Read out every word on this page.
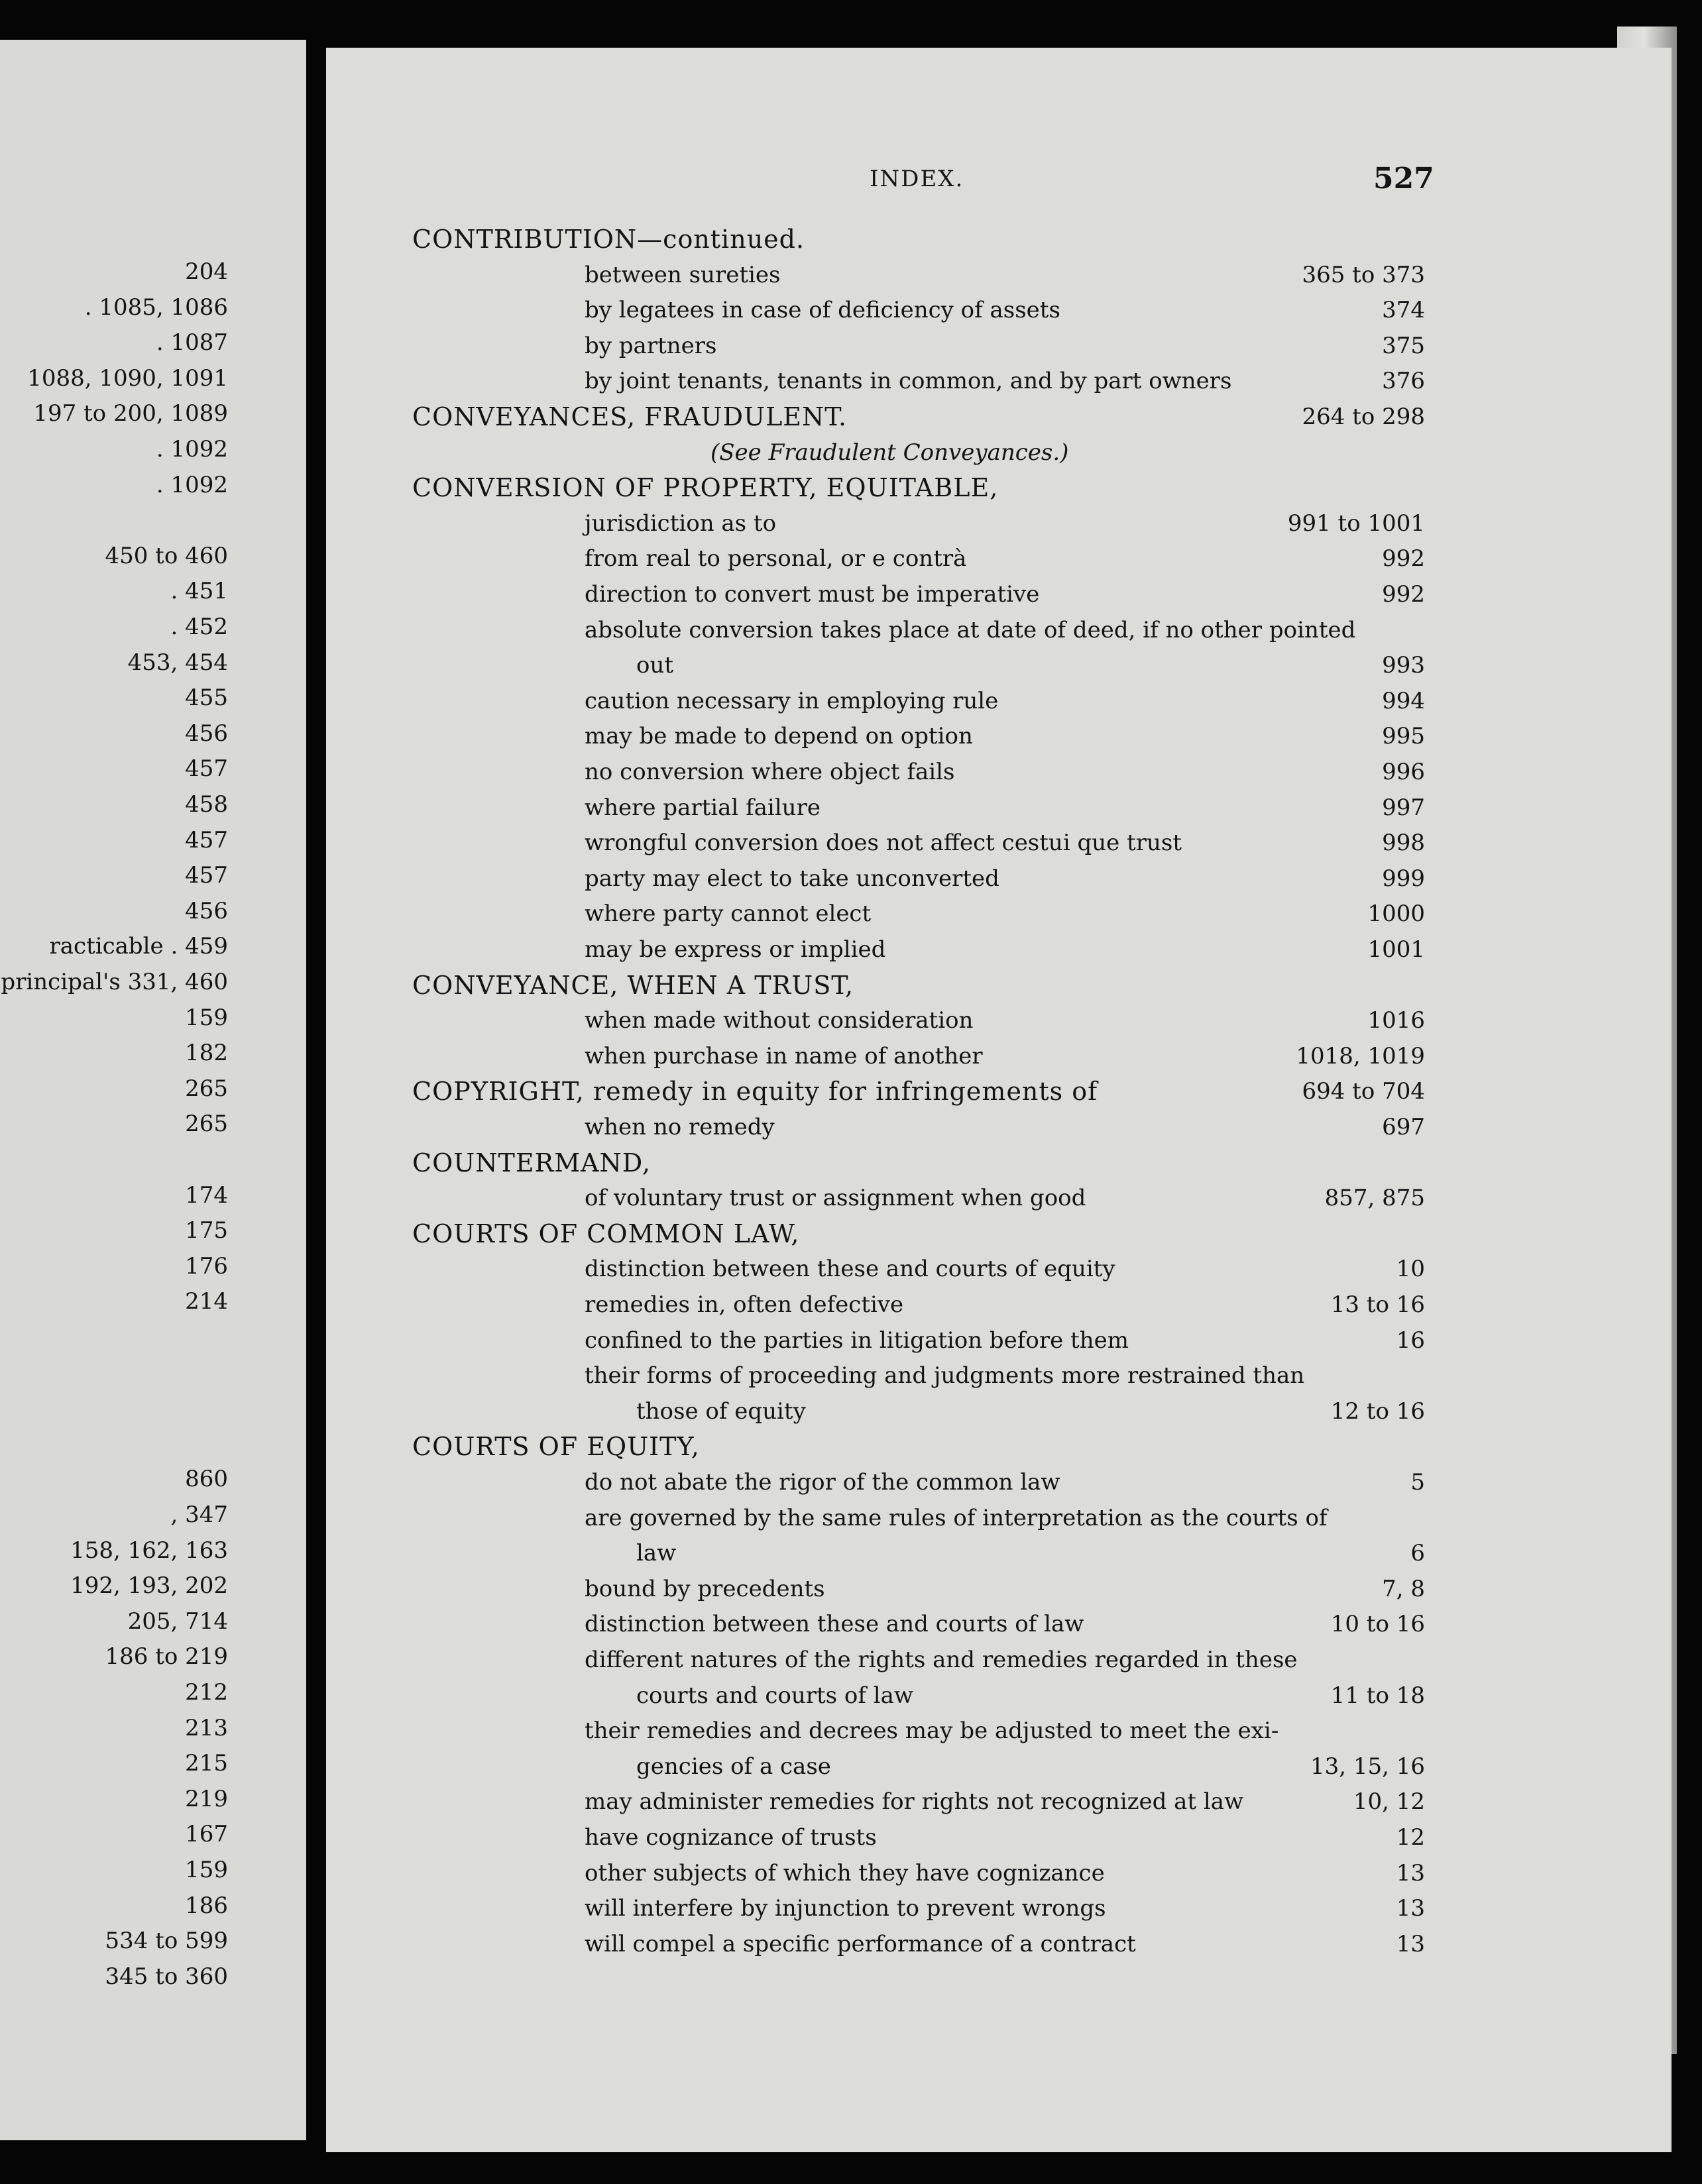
204
. 1085, 1086
. 1087
1088, 1090, 1091
197 to 200, 1089
. 1092
. 1092
450 to 460
. 451
. 452
453, 454
455
456
457
458
457
457
456
racticable . 459
principal's 331, 460
159
182
265
265
174
175
176
214
860
, 347
158, 162, 163
192, 193, 202
205, 714
186 to 219
212
213
215
219
167
159
186
534 to 599
345 to 360
INDEX.	527
CONTRIBUTION—continued.
between sureties	365 to 373
by legatees in case of deficiency of assets	374
by partners	375
by joint tenants, tenants in common, and by part owners	376
CONVEYANCES, FRAUDULENT.	264 to 298
(See Fraudulent Conveyances.)
CONVERSION OF PROPERTY, EQUITABLE,
jurisdiction as to	991 to 1001
from real to personal, or e contrà	992
direction to convert must be imperative	992
absolute conversion takes place at date of deed, if no other pointed
out	993
caution necessary in employing rule	994
may be made to depend on option	995
no conversion where object fails	996
where partial failure	997
wrongful conversion does not affect cestui que trust	998
party may elect to take unconverted	999
where party cannot elect	1000
may be express or implied	1001
CONVEYANCE, WHEN A TRUST,
when made without consideration	1016
when purchase in name of another	1018, 1019
COPYRIGHT, remedy in equity for infringements of	694 to 704
when no remedy	697
COUNTERMAND,
of voluntary trust or assignment when good	857, 875
COURTS OF COMMON LAW,
distinction between these and courts of equity	10
remedies in, often defective	13 to 16
confined to the parties in litigation before them	16
their forms of proceeding and judgments more restrained than
those of equity	12 to 16
COURTS OF EQUITY,
do not abate the rigor of the common law	5
are governed by the same rules of interpretation as the courts of
law	6
bound by precedents	7, 8
distinction between these and courts of law	10 to 16
different natures of the rights and remedies regarded in these
courts and courts of law	11 to 18
their remedies and decrees may be adjusted to meet the exi-
gencies of a case	13, 15, 16
may administer remedies for rights not recognized at law	10, 12
have cognizance of trusts	12
other subjects of which they have cognizance	13
will interfere by injunction to prevent wrongs	13
will compel a specific performance of a contract	13
